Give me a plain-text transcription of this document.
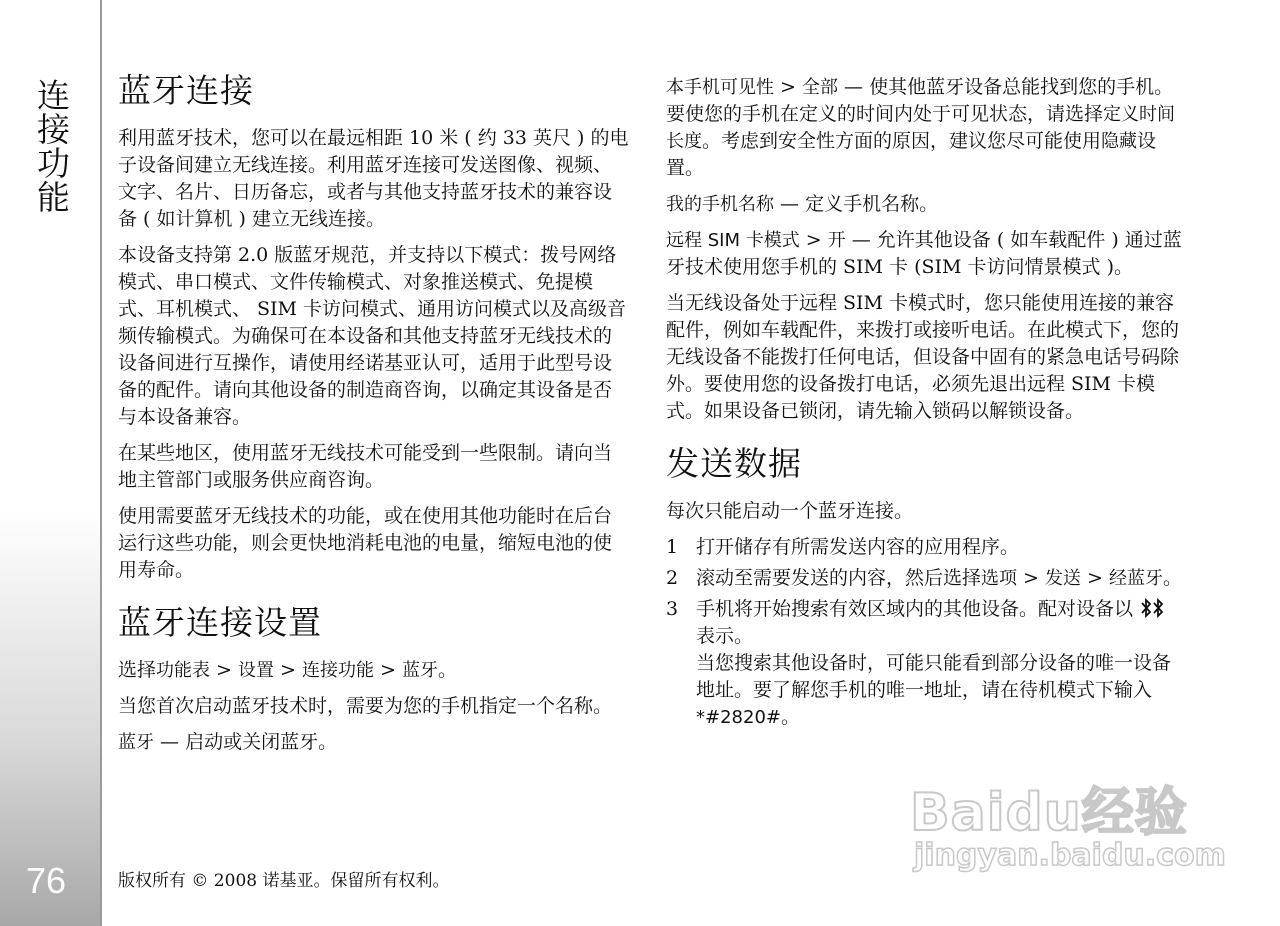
连接功能
76
蓝牙连接

利用蓝牙技术，您可以在最远相距 10 米 ( 约 33 英尺 ) 的电子设备间建立无线连接。利用蓝牙连接可发送图像、视频、文字、名片、日历备忘，或者与其他支持蓝牙技术的兼容设备 ( 如计算机 ) 建立无线连接。

本设备支持第 2.0 版蓝牙规范，并支持以下模式：拨号网络模式、串口模式、文件传输模式、对象推送模式、免提模式、耳机模式、 SIM 卡访问模式、通用访问模式以及高级音频传输模式。为确保可在本设备和其他支持蓝牙无线技术的设备间进行互操作，请使用经诺基亚认可，适用于此型号设备的配件。请向其他设备的制造商咨询，以确定其设备是否与本设备兼容。

在某些地区，使用蓝牙无线技术可能受到一些限制。请向当地主管部门或服务供应商咨询。

使用需要蓝牙无线技术的功能，或在使用其他功能时在后台运行这些功能，则会更快地消耗电池的电量，缩短电池的使用寿命。

蓝牙连接设置

选择功能表 > 设置 > 连接功能 > 蓝牙。

当您首次启动蓝牙技术时，需要为您的手机指定一个名称。

蓝牙 — 启动或关闭蓝牙。

本手机可见性 > 全部 — 使其他蓝牙设备总能找到您的手机。要使您的手机在定义的时间内处于可见状态，请选择定义时间长度。考虑到安全性方面的原因，建议您尽可能使用隐藏设置。

我的手机名称 — 定义手机名称。

远程 SIM 卡模式 > 开 — 允许其他设备 ( 如车载配件 ) 通过蓝牙技术使用您手机的 SIM 卡 (SIM 卡访问情景模式 )。

当无线设备处于远程 SIM 卡模式时，您只能使用连接的兼容配件，例如车载配件，来拨打或接听电话。在此模式下，您的无线设备不能拨打任何电话，但设备中固有的紧急电话号码除外。要使用您的设备拨打电话，必须先退出远程 SIM 卡模式。如果设备已锁闭，请先输入锁码以解锁设备。

发送数据

每次只能启动一个蓝牙连接。

1 打开储存有所需发送内容的应用程序。
2 滚动至需要发送的内容，然后选择选项 > 发送 > 经蓝牙。
3 手机将开始搜索有效区域内的其他设备。配对设备以  表示。
当您搜索其他设备时，可能只能看到部分设备的唯一设备地址。要了解您手机的唯一地址，请在待机模式下输入 *#2820#。
版权所有 © 2008 诺基亚。保留所有权利。
Baidu经验
jingyan.baidu.com
